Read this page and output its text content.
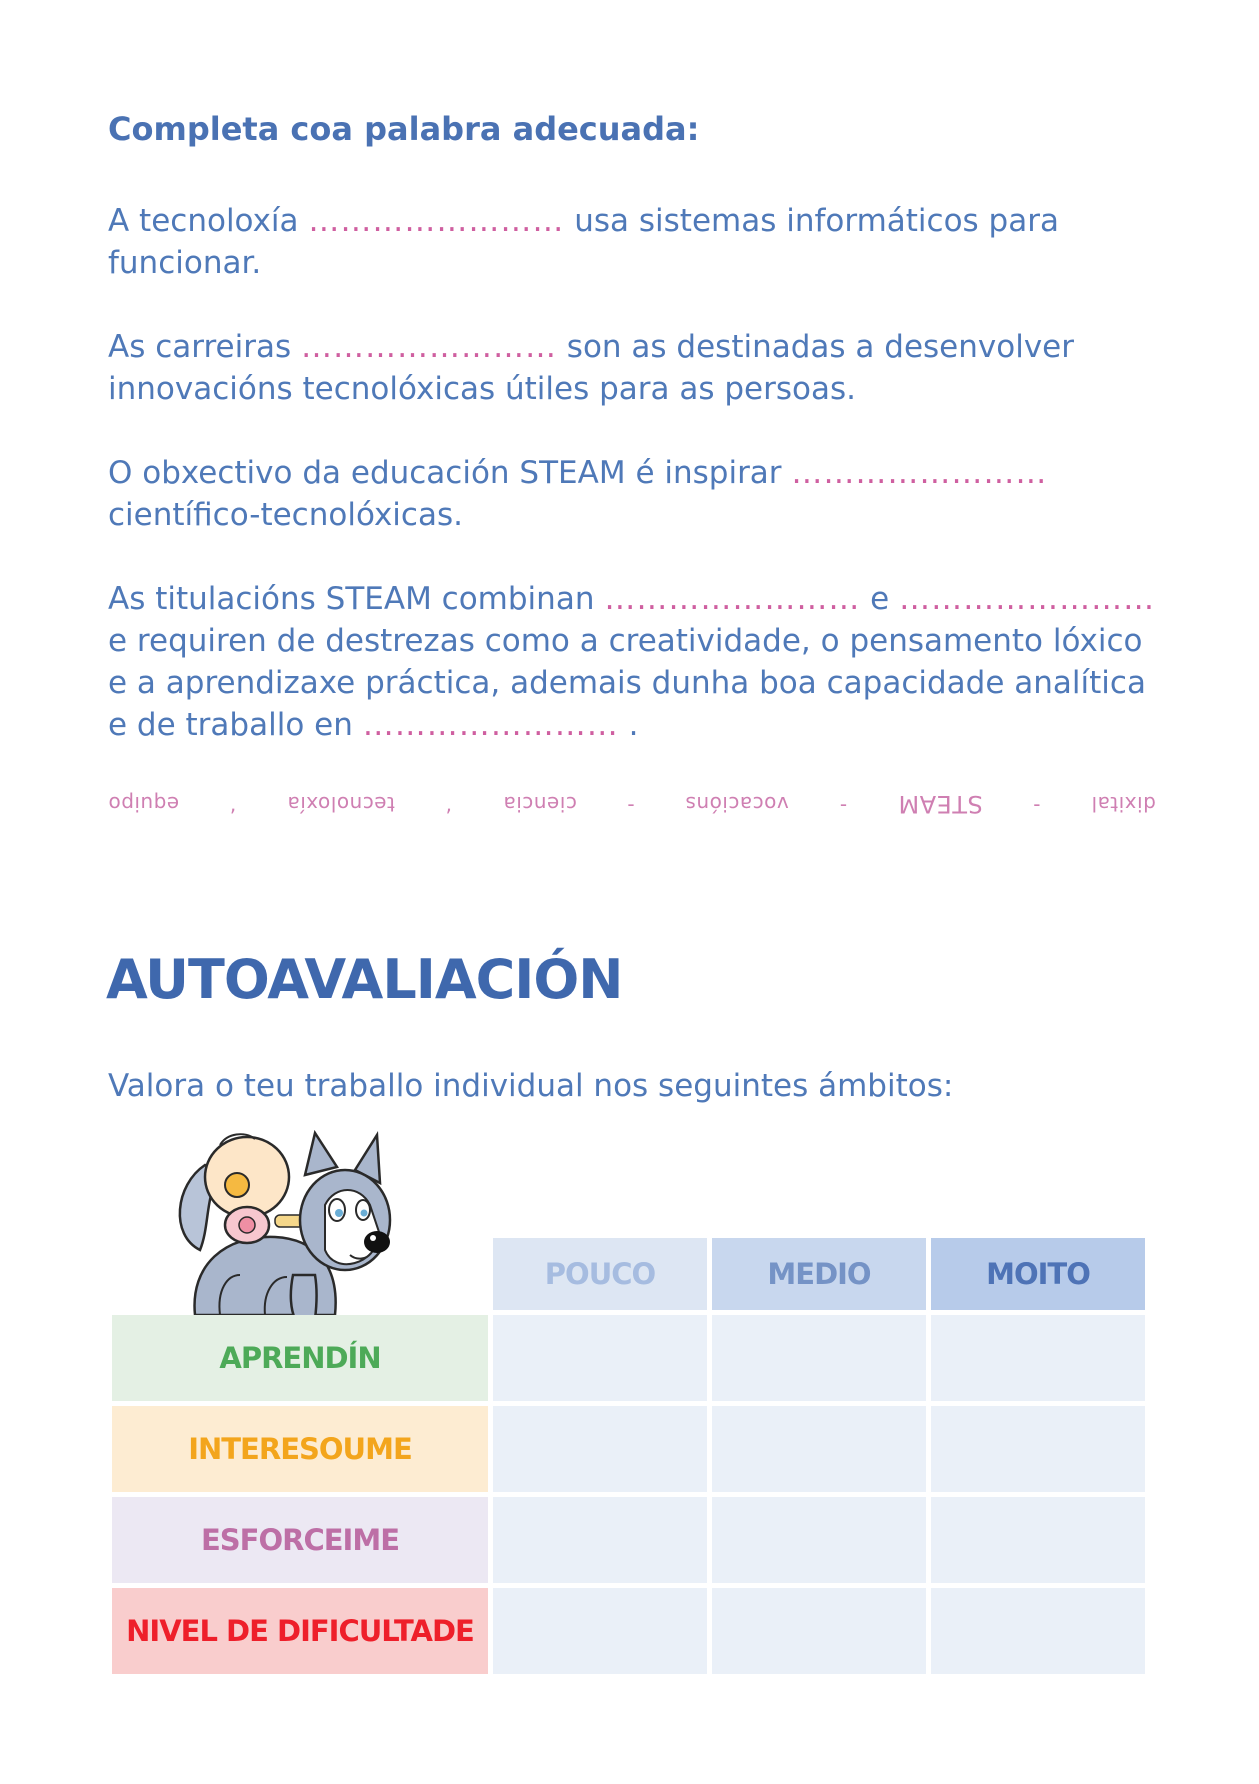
Completa coa palabra adecuada:

A tecnoloxía …………………… usa sistemas informáticos para funcionar.

As carreiras …………………… son as destinadas a desenvolver innovacións tecnolóxicas útiles para as persoas.

O obxectivo da educación STEAM é inspirar …………………… científico-tecnolóxicas.

As titulacións STEAM combinan …………………… e …………………… e requiren de destrezas como a creatividade, o pensamento lóxico e a aprendizaxe práctica, ademais dunha boa capacidade analítica e de traballo en …………………… .

equipo	,	tecnoloxía	,	ciencia	-	vocacións	- STEAM	-	dixital
AUTOAVALIACIÓN

Valora o teu traballo individual nos seguintes ámbitos:

	POUCO	MEDIO	MOITO
APRENDÍN			
INTERESOUME			
ESFORCEIME			
NIVEL DE DIFICULTADE			
